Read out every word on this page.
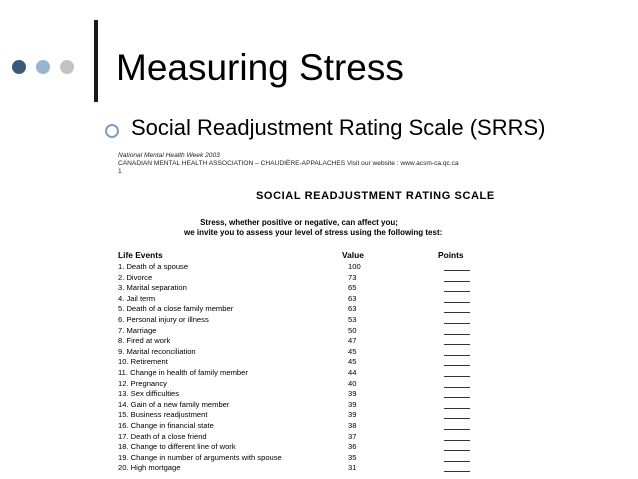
Measuring Stress
Social Readjustment Rating Scale (SRRS)
National Mental Health Week 2003
CANADIAN MENTAL HEALTH ASSOCIATION – CHAUDIÈRE-APPALACHES Visit our website : www.acsm-ca.qc.ca
1
SOCIAL READJUSTMENT RATING SCALE
Stress, whether positive or negative, can affect you;
we invite you to assess your level of stress using the following test:
Life Events	Value	Points
1. Death of a spouse	100
2. Divorce	73
3. Marital separation	65
4. Jail term	63
5. Death of a close family member	63
6. Personal injury or illness	53
7. Marriage	50
8. Fired at work	47
9. Marital reconciliation	45
10. Retirement	45
11. Change in health of family member	44
12. Pregnancy	40
13. Sex difficulties	39
14. Gain of a new family member	39
15. Business readjustment	39
16. Change in financial state	38
17. Death of a close friend	37
18. Change to different line of work	36
19. Change in number of arguments with spouse	35
20. High mortgage	31
